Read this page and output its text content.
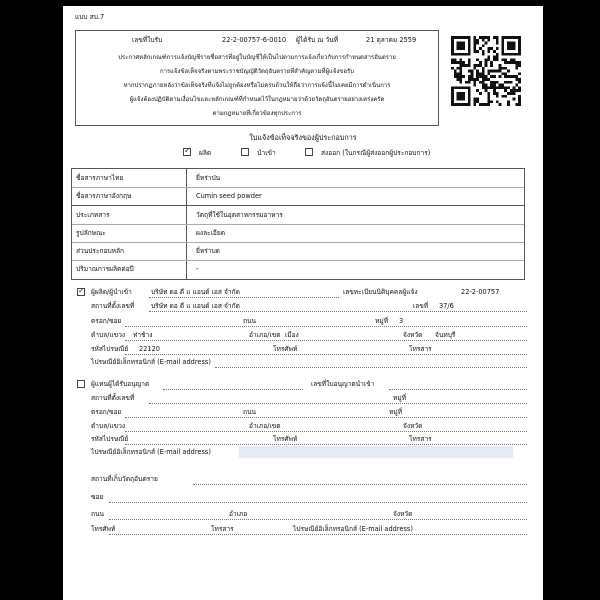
แบบ สบ.7
เลขที่ใบรับ	22-2-00757-6-0010 ผู้ได้รับ ณ วันที่	21 ตุลาคม 2559
ประกาศหลักเกณฑ์การแจ้งบัญชีรายชื่อสารที่อยู่ในบัญชีให้เป็นไปตามการแจ้งเกี่ยวกับการกำหนดสารอันตราย
การแจ้งข้อเท็จจริงตามพระราชบัญญัติวัตถุอันตรายที่สำคัญตามที่ผู้แจ้งขอรับ
หากปรากฏภายหลังว่าข้อเท็จจริงที่แจ้งไม่ถูกต้องหรือไม่ครบถ้วนให้ถือว่าการแจ้งนี้ไม่เคยมีการดำเนินการ
ผู้แจ้งต้องปฏิบัติตามเงื่อนไขและหลักเกณฑ์ที่กำหนดไว้ในกฎหมายว่าด้วยวัตถุอันตรายอย่างเคร่งครัด
ตามกฎหมายที่เกี่ยวข้องทุกประการ
ใบแจ้งข้อเท็จจริงของผู้ประกอบการ
✓
ผลิต	นำเข้า	ส่งออก (ในกรณีผู้ส่งออกผู้ประกอบการ)
ชื่อสารภาษาไทย	ยี่หร่าป่น
ชื่อสารภาษาอังกฤษ	Cumin seed powder
ประเภทสาร	วัตถุที่ใช้ในอุตสาหกรรมอาหาร
รูปลักษณะ	ผงละเอียด
ส่วนประกอบหลัก	ยี่หร่าบด
ปริมาณการผลิตต่อปี	-
✓
ผู้ผลิต/ผู้นำเข้า	บริษัท ดอ ตี แ แอนด์ เอส จำกัด	เลขทะเบียนนิติบุคคลผู้แจ้ง	22-2-00757
สถานที่ตั้งเลขที่	บริษัท ดอ ตี แ แอนด์ เอส จำกัด	เลขที่ 37/6
ตรอก/ซอย	ถนน	หมู่ที่ 3
ตำบล/แขวง ท่าช้าง	อำเภอ/เขต เมือง	จังหวัด จันทบุรี
รหัสไปรษณีย์ 22120	โทรศัพท์	โทรสาร
ไปรษณีย์อิเล็กทรอนิกส์ (E-mail address)
ผู้แทนผู้ได้รับอนุญาต	เลขที่ใบอนุญาตนำเข้า
สถานที่ตั้งเลขที่	หมู่ที่
ตรอก/ซอย	ถนน	หมู่ที่
ตำบล/แขวง	อำเภอ/เขต	จังหวัด
รหัสไปรษณีย์	โทรศัพท์	โทรสาร
ไปรษณีย์อิเล็กทรอนิกส์ (E-mail address)
สถานที่เก็บวัตถุอันตราย
ซอย
ถนน	อำเภอ	จังหวัด
โทรศัพท์	โทรสาร	ไปรษณีย์อิเล็กทรอนิกส์ (E-mail address)
